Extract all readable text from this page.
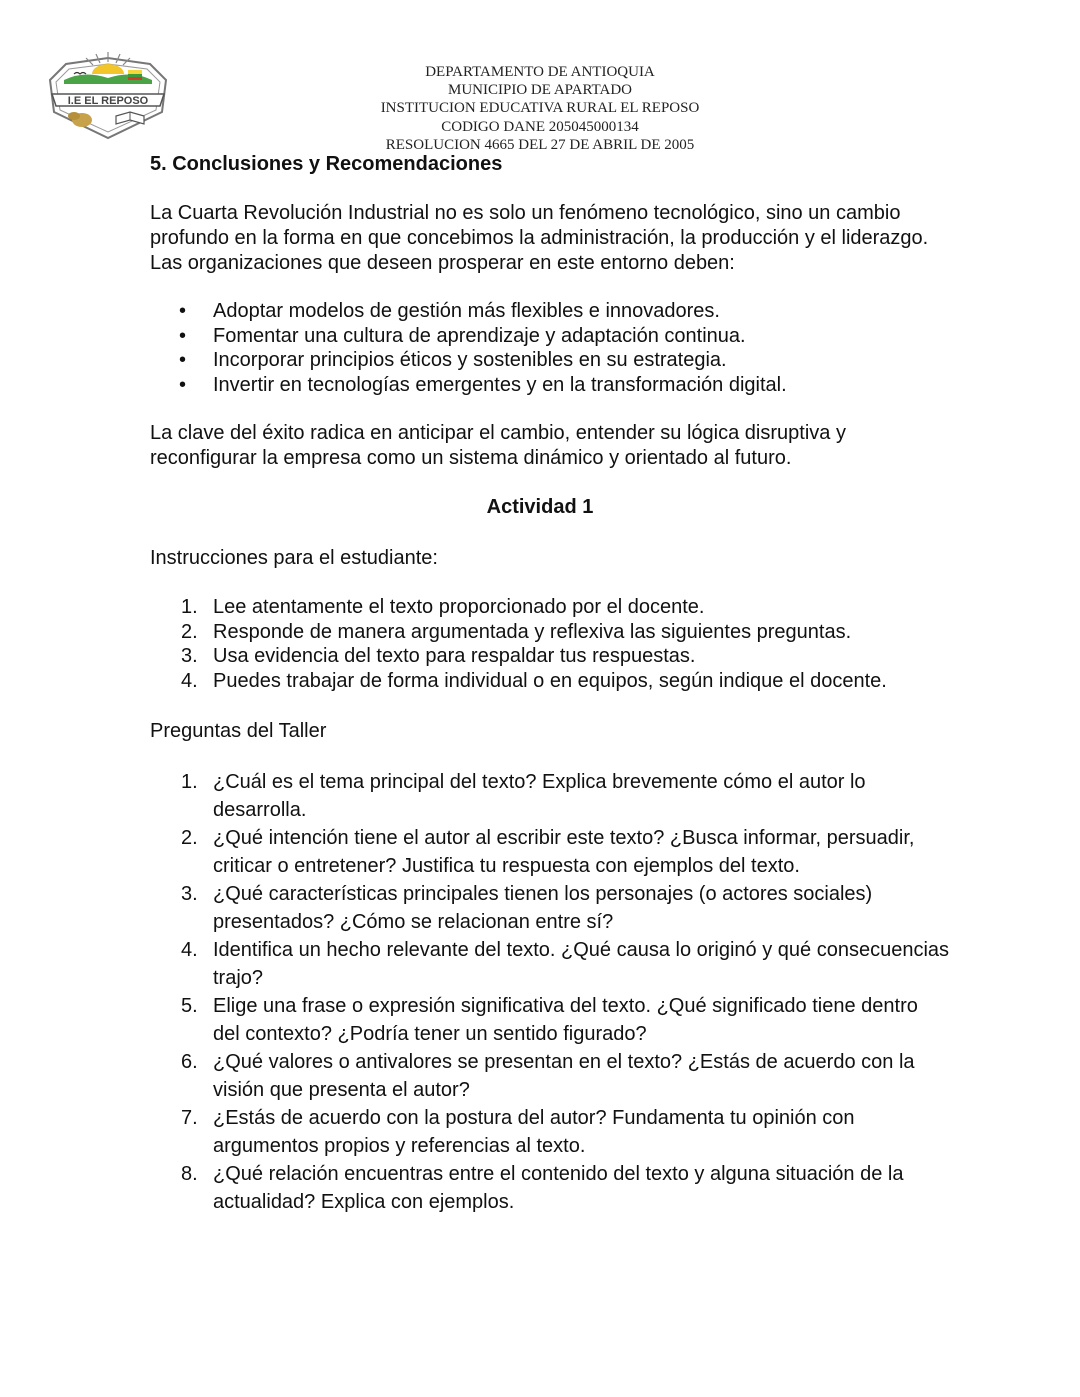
I.E EL REPOSO
DEPARTAMENTO DE ANTIOQUIA
MUNICIPIO DE APARTADO
INSTITUCION EDUCATIVA RURAL EL REPOSO
CODIGO DANE 205045000134
RESOLUCION 4665 DEL 27 DE ABRIL DE 2005
5. Conclusiones y Recomendaciones

La Cuarta Revolución Industrial no es solo un fenómeno tecnológico, sino un cambio profundo en la forma en que concebimos la administración, la producción y el liderazgo. Las organizaciones que deseen prosperar en este entorno deben:

• Adoptar modelos de gestión más flexibles e innovadores.
• Fomentar una cultura de aprendizaje y adaptación continua.
• Incorporar principios éticos y sostenibles en su estrategia.
• Invertir en tecnologías emergentes y en la transformación digital.

La clave del éxito radica en anticipar el cambio, entender su lógica disruptiva y reconfigurar la empresa como un sistema dinámico y orientado al futuro.

Actividad 1

Instrucciones para el estudiante:

1. Lee atentamente el texto proporcionado por el docente.
2. Responde de manera argumentada y reflexiva las siguientes preguntas.
3. Usa evidencia del texto para respaldar tus respuestas.
4. Puedes trabajar de forma individual o en equipos, según indique el docente.

Preguntas del Taller

1. ¿Cuál es el tema principal del texto? Explica brevemente cómo el autor lo desarrolla.
2. ¿Qué intención tiene el autor al escribir este texto? ¿Busca informar, persuadir, criticar o entretener? Justifica tu respuesta con ejemplos del texto.
3. ¿Qué características principales tienen los personajes (o actores sociales) presentados? ¿Cómo se relacionan entre sí?
4. Identifica un hecho relevante del texto. ¿Qué causa lo originó y qué consecuencias trajo?
5. Elige una frase o expresión significativa del texto. ¿Qué significado tiene dentro del contexto? ¿Podría tener un sentido figurado?
6. ¿Qué valores o antivalores se presentan en el texto? ¿Estás de acuerdo con la visión que presenta el autor?
7. ¿Estás de acuerdo con la postura del autor? Fundamenta tu opinión con argumentos propios y referencias al texto.
8. ¿Qué relación encuentras entre el contenido del texto y alguna situación de la actualidad? Explica con ejemplos.
